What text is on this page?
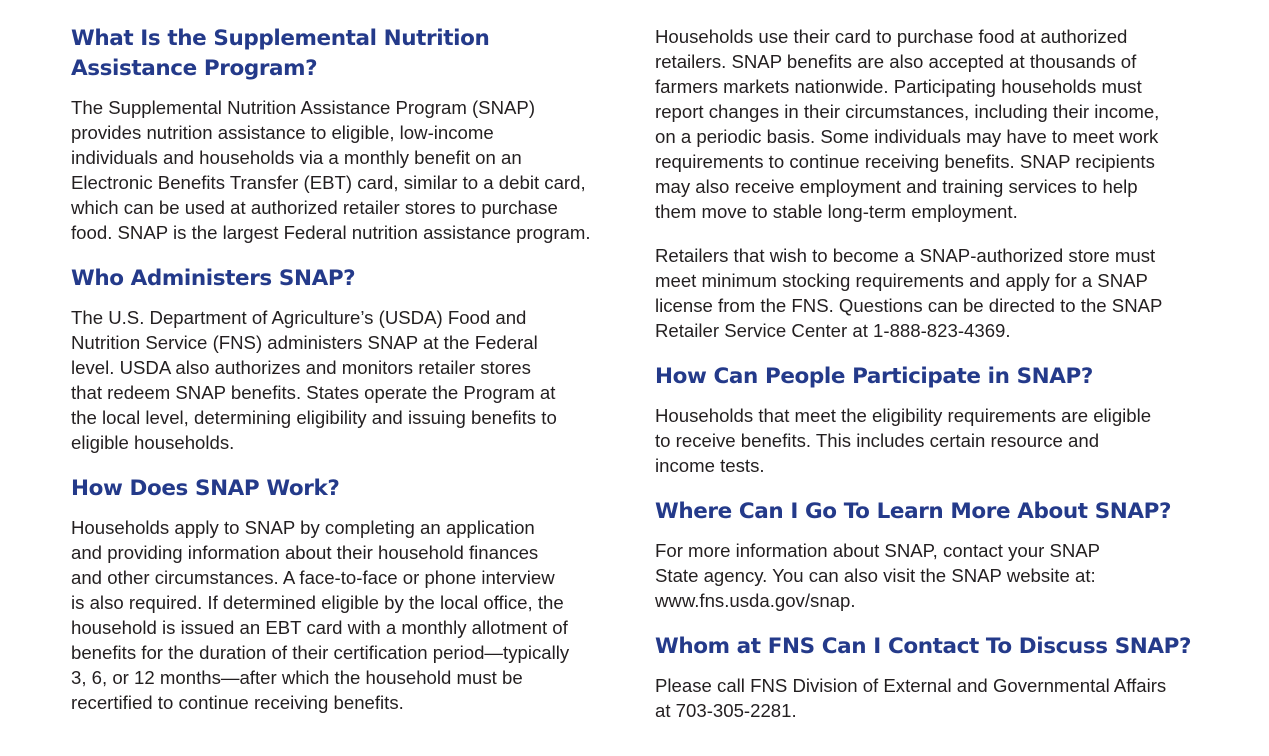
What Is the Supplemental Nutrition
Assistance Program?

The Supplemental Nutrition Assistance Program (SNAP)
provides nutrition assistance to eligible, low-income
individuals and households via a monthly benefit on an
Electronic Benefits Transfer (EBT) card, similar to a debit card,
which can be used at authorized retailer stores to purchase
food. SNAP is the largest Federal nutrition assistance program.

Who Administers SNAP?

The U.S. Department of Agriculture’s (USDA) Food and
Nutrition Service (FNS) administers SNAP at the Federal
level. USDA also authorizes and monitors retailer stores
that redeem SNAP benefits. States operate the Program at
the local level, determining eligibility and issuing benefits to
eligible households.

How Does SNAP Work?

Households apply to SNAP by completing an application
and providing information about their household finances
and other circumstances. A face-to-face or phone interview
is also required. If determined eligible by the local office, the
household is issued an EBT card with a monthly allotment of
benefits for the duration of their certification period—typically
3, 6, or 12 months—after which the household must be
recertified to continue receiving benefits.

Households use their card to purchase food at authorized
retailers. SNAP benefits are also accepted at thousands of
farmers markets nationwide. Participating households must
report changes in their circumstances, including their income,
on a periodic basis. Some individuals may have to meet work
requirements to continue receiving benefits. SNAP recipients
may also receive employment and training services to help
them move to stable long-term employment.

Retailers that wish to become a SNAP-authorized store must
meet minimum stocking requirements and apply for a SNAP
license from the FNS. Questions can be directed to the SNAP
Retailer Service Center at 1-888-823-4369.

How Can People Participate in SNAP?

Households that meet the eligibility requirements are eligible
to receive benefits. This includes certain resource and
income tests.

Where Can I Go To Learn More About SNAP?

For more information about SNAP, contact your SNAP
State agency. You can also visit the SNAP website at:
www.fns.usda.gov/snap.

Whom at FNS Can I Contact To Discuss SNAP?

Please call FNS Division of External and Governmental Affairs
at 703-305-2281.
